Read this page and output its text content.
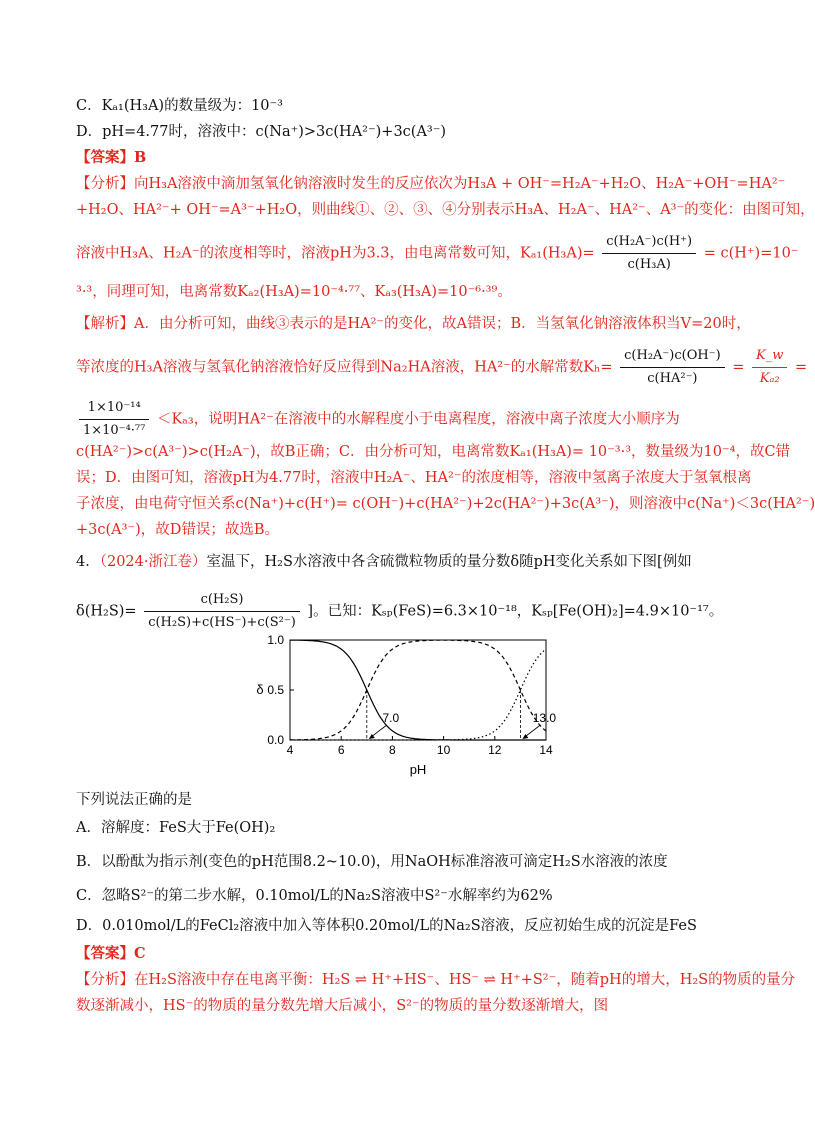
C．Kₐ₁(H₃A)的数量级为：10⁻³
D．pH=4.77时，溶液中：c(Na⁺)>3c(HA²⁻)+3c(A³⁻)
【答案】B
【分析】向H₃A溶液中滴加氢氧化钠溶液时发生的反应依次为H₃A + OH⁻=H₂A⁻+H₂O、H₂A⁻+OH⁻=HA²⁻
+H₂O、HA²⁻+ OH⁻=A³⁻+H₂O，则曲线①、②、③、④分别表示H₃A、H₂A⁻、HA²⁻、A³⁻的变化：由图可知，
溶液中H₃A、H₂A⁻的浓度相等时，溶液pH为3.3，由电离常数可知，$K_{a1}(H_3A)= \frac{\text{c(H₂A⁻)c(H⁺)}}{\text{c(H₃A)}} = c(H^+)=10^-$
³·³，同理可知，电离常数Kₐ₂(H₃A)=10⁻⁴·⁷⁷、Kₐ₃(H₃A)=10⁻⁶·³⁹。
【解析】A．由分析可知，曲线③表示的是HA²⁻的变化，故A错误；B．当氢氧化钠溶液体积当V=20时，
等浓度的H₃A溶液与氢氧化钠溶液恰好反应得到Na₂HA溶液，HA²⁻的水解常数$K_h= \frac{\text{c(H₂A⁻)c(OH⁻)}}{\text{c(HA²⁻)}} = \frac{K\_w}{\text{Kₐ₂}}$ =
$\frac{\text{1×10⁻¹⁴}}{\text{1×10⁻⁴·⁷⁷}} <K_{a3}$，说明HA²⁻在溶液中的水解程度小于电离程度，溶液中离子浓度大小顺序为
c(HA²⁻)>c(A³⁻)>c(H₂A⁻)，故B正确；C．由分析可知，电离常数Kₐ₁(H₃A)= 10⁻³·³，数量级为10⁻⁴，故C错
误；D．由图可知，溶液pH为4.77时，溶液中H₂A⁻、HA²⁻的浓度相等，溶液中氢离子浓度大于氢氧根离
子浓度，由电荷守恒关系c(Na⁺)+c(H⁺)= c(OH⁻)+c(HA²⁻)+2c(HA²⁻)+3c(A³⁻)，则溶液中c(Na⁺)＜3c(HA²⁻)
+3c(A³⁻)，故D错误；故选B。
4．（2024·浙江卷）室温下，H₂S水溶液中各含硫微粒物质的量分数δ随pH变化关系如下图[例如
$\delta(H_2S)= \frac{\text{c(H₂S)}}{\text{c(H₂S)+c(HS⁻)+c(S²⁻)}}$ ]。已知：Kₛₚ(FeS)=6.3×10⁻¹⁸，Kₛₚ[Fe(OH)₂]=4.9×10⁻¹⁷。
4	6	8	10	12	14
0.0
0.5
1.0
pH
δ
7.0	13.0
下列说法正确的是
A．溶解度：FeS大于Fe(OH)₂
B．以酚酞为指示剂(变色的pH范围8.2~10.0)，用NaOH标准溶液可滴定H₂S水溶液的浓度
C．忽略S²⁻的第二步水解，0.10mol/L的Na₂S溶液中S²⁻水解率约为62%
D．0.010mol/L的FeCl₂溶液中加入等体积0.20mol/L的Na₂S溶液，反应初始生成的沉淀是FeS
【答案】C
【分析】在H₂S溶液中存在电离平衡：H₂S ⇌ H⁺+HS⁻、HS⁻ ⇌ H⁺+S²⁻，随着pH的增大，H₂S的物质的量分
数逐渐减小，HS⁻的物质的量分数先增大后减小，S²⁻的物质的量分数逐渐增大，图
